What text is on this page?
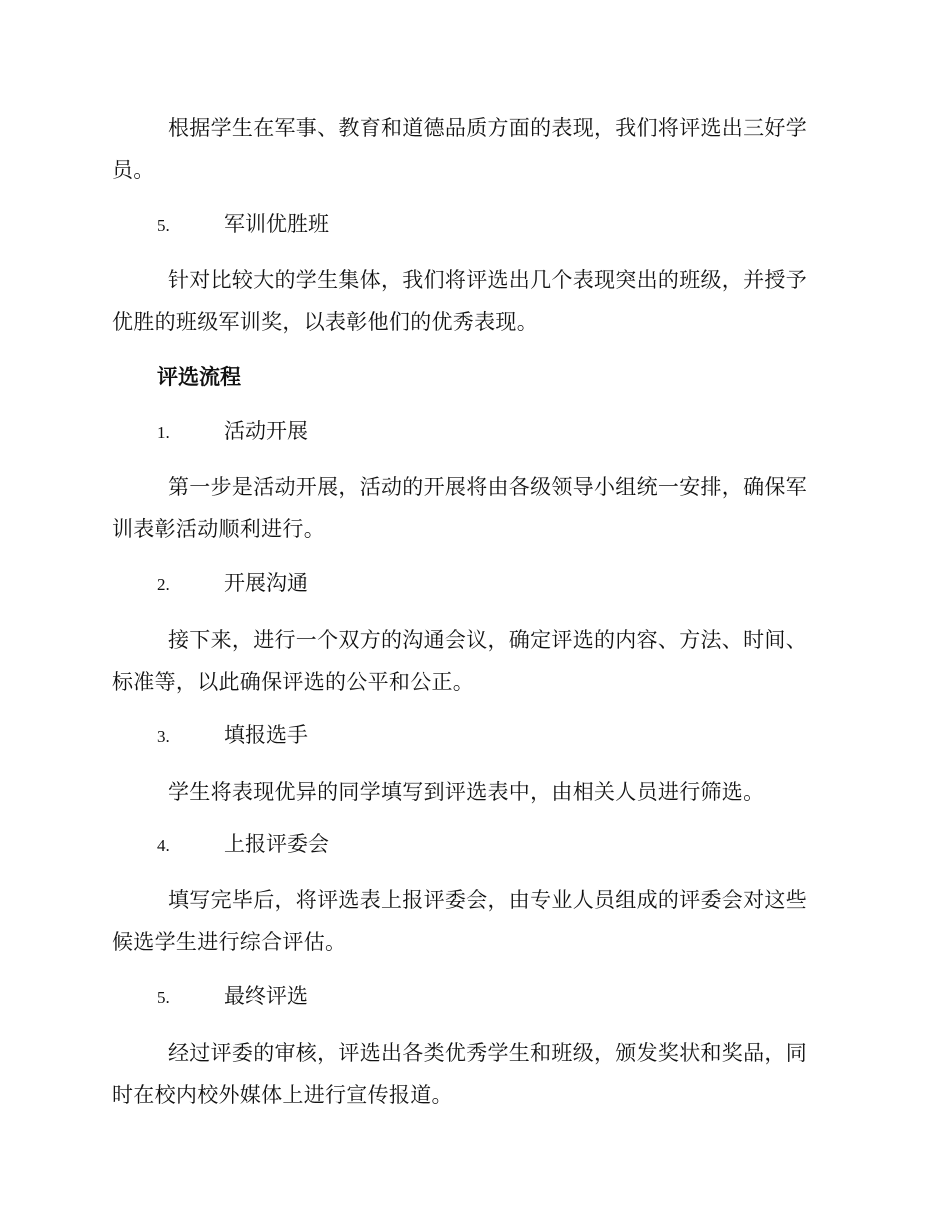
根据学生在军事、教育和道德品质方面的表现，我们将评选出三好学员。

5.	军训优胜班

针对比较大的学生集体，我们将评选出几个表现突出的班级，并授予优胜的班级军训奖，以表彰他们的优秀表现。

评选流程

1.	活动开展

第一步是活动开展，活动的开展将由各级领导小组统一安排，确保军训表彰活动顺利进行。

2.	开展沟通

接下来，进行一个双方的沟通会议，确定评选的内容、方法、时间、标准等，以此确保评选的公平和公正。

3.	填报选手

学生将表现优异的同学填写到评选表中，由相关人员进行筛选。

4.	上报评委会

填写完毕后，将评选表上报评委会，由专业人员组成的评委会对这些候选学生进行综合评估。

5.	最终评选

经过评委的审核，评选出各类优秀学生和班级，颁发奖状和奖品，同时在校内校外媒体上进行宣传报道。
